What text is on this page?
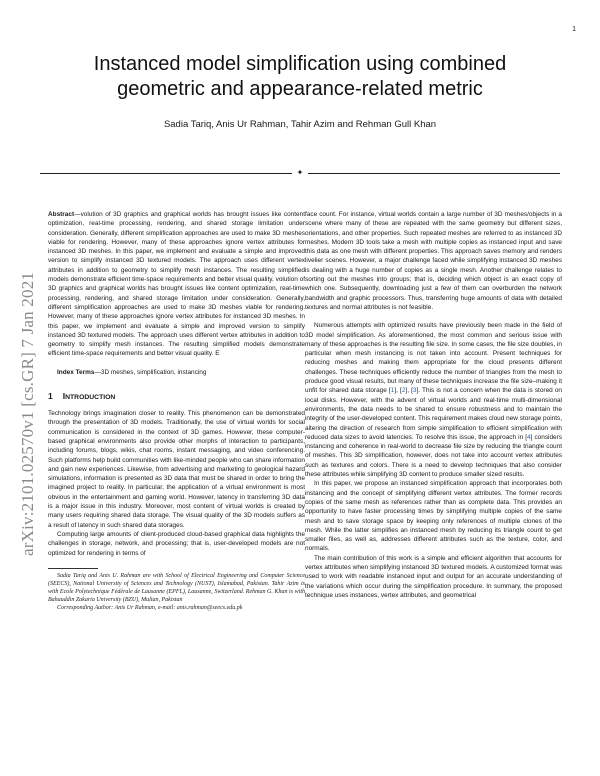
1
arXiv:2101.02570v1 [cs.GR] 7 Jan 2021
Instanced model simplification using combined
geometric and appearance-related metric
Sadia Tariq, Anis Ur Rahman, Tahir Azim and Rehman Gull Khan
✦

Abstract—volution of 3D graphics and graphical worlds has brought issues like content optimization, real-time processing, rendering, and shared storage limitation under consideration. Generally, different simplification approaches are used to make 3D meshes viable for rendering. However, many of these approaches ignore vertex attributes for instanced 3D meshes. In this paper, we implement and evaluate a simple and improved version to simplify instanced 3D textured models. The approach uses different vertex attributes in addition to geometry to simplify mesh instances. The resulting simplified models demonstrate efficient time-space requirements and better visual quality. volution of 3D graphics and graphical worlds has brought issues like content optimization, real-time processing, rendering, and shared storage limitation under consideration. Generally, different simplification approaches are used to make 3D meshes viable for rendering. However, many of these approaches ignore vertex attributes for instanced 3D meshes. In this paper, we implement and evaluate a simple and improved version to simplify instanced 3D textured models. The approach uses different vertex attributes in addition to geometry to simplify mesh instances. The resulting simplified models demonstrate efficient time-space requirements and better visual quality. E

Index Terms—3D meshes, simplification, instancing

1 INTRODUCTION

Technology brings imagination closer to reality. This phenomenon can be demonstrated through the presentation of 3D models. Traditionally, the use of virtual worlds for social communication is considered in the context of 3D games. However, these computer-based graphical environments also provide other morphs of interaction to participants, including forums, blogs, wikis, chat rooms, instant messaging, and video conferencing. Such platforms help build communities with like-minded people who can share information and gain new experiences. Likewise, from advertising and marketing to geological hazard simulations, information is presented as 3D data that must be shared in order to bring the imagined project to reality. In particular, the application of a virtual environment is most obvious in the entertainment and gaming world. However, latency in transferring 3D data is a major issue in this industry. Moreover, most content of virtual worlds is created by many users requiring shared data storage. The visual quality of the 3D models suffers as a result of latency in such shared data storages.

Computing large amounts of client-produced cloud-based graphical data highlights the challenges in storage, network, and processing; that is, user-developed models are not optimized for rendering in terms of

Sadia Tariq and Anis U. Rahman are with School of Electrical Engineering and Computer Science (SEECS), National University of Sciences and Technology (NUST), Islamabad, Pakistan. Tahir Azim is with Ecole Polytechnique Fédérale de Lausanne (EPFL), Lausanne, Switzerland. Rehman G. Khan is with Bahauddin Zakaria University (BZU), Multan, Pakistan

Corresponding Author: Anis Ur Rahman, e-mail: anis.rahman@seecs.edu.pk

face count. For instance, virtual worlds contain a large number of 3D meshes/objects in a scene where many of these are repeated with the same geometry but different sizes, orientations, and other properties. Such repeated meshes are referred to as instanced 3D meshes. Modern 3D tools take a mesh with multiple copies as instanced input and save this data as one mesh with different properties. This approach saves memory and renders livelier scenes. However, a major challenge faced while simplifying instanced 3D meshes is dealing with a huge number of copies as a single mesh. Another challenge relates to sorting out the meshes into groups; that is, deciding which object is an exact copy of which one. Subsequently, downloading just a few of them can overburden the network bandwidth and graphic processors. Thus, transferring huge amounts of data with detailed textures and normal attributes is not feasible.

Numerous attempts with optimized results have previously been made in the field of 3D model simplification. As aforementioned, the most common and serious issue with many of these approaches is the resulting file size. In some cases, the file size doubles, in particular when mesh instancing is not taken into account. Present techniques for reducing meshes and making them appropriate for the cloud presents different challenges. These techniques efficiently reduce the number of triangles from the mesh to produce good visual results, but many of these techniques increase the file size–making it unfit for shared data storage [1], [2], [3]. This is not a concern when the data is stored on local disks. However, with the advent of virtual worlds and real-time multi-dimensional environments, the data needs to be shared to ensure robustness and to maintain the integrity of the user-developed content. This requirement makes cloud new storage points, altering the direction of research from simple simplification to efficient simplification with reduced data sizes to avoid latencies. To resolve this issue, the approach in [4] considers instancing and coherence in real-world to decrease file size by reducing the triangle count of meshes. This 3D simplification, however, does not take into account vertex attributes such as textures and colors. There is a need to develop techniques that also consider these attributes while simplifying 3D content to produce smaller sized results.

In this paper, we propose an instanced simplification approach that incorporates both instancing and the concept of simplifying different vertex attributes. The former records copies of the same mesh as references rather than as complete data. This provides an opportunity to have faster processing times by simplifying multiple copies of the same mesh and to save storage space by keeping only references of multiple clones of the mesh. While the latter simplifies an instanced mesh by reducing its triangle count to get smaller files, as well as, addresses different attributes such as the texture, color, and normals.

The main contribution of this work is a simple and efficient algorithm that accounts for vertex attributes when simplifying instanced 3D textured models. A customized format was used to work with readable instanced input and output for an accurate understanding of the variations which occur during the simplification procedure. In summary, the proposed technique uses instances, vertex attributes, and geometrical
